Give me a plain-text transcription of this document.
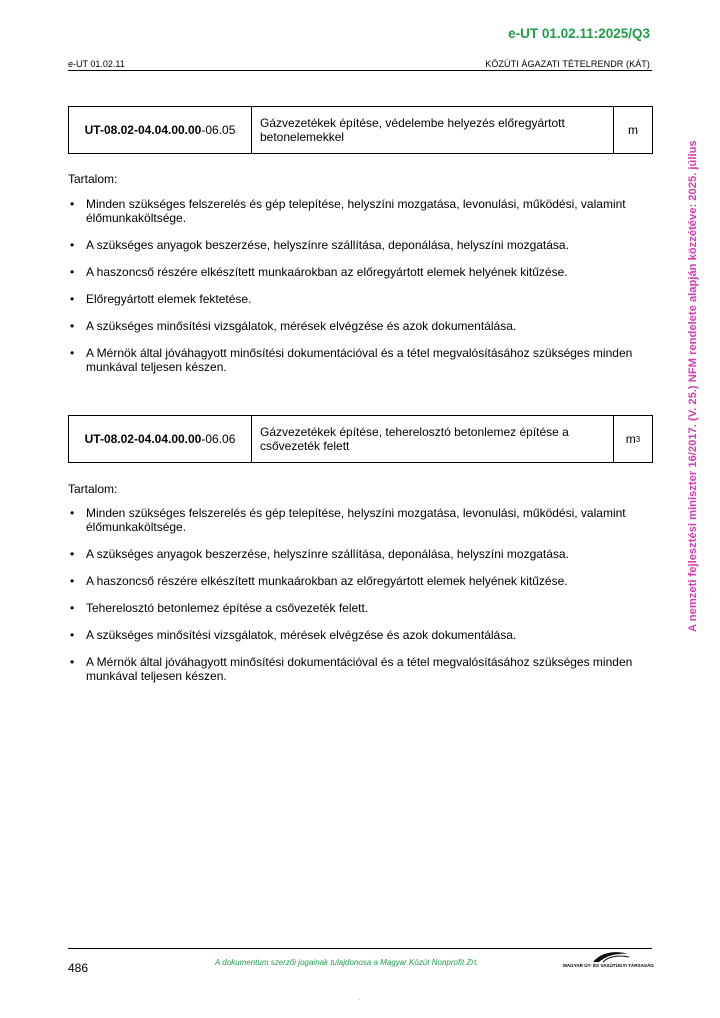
e-UT 01.02.11:2025/Q3
e-UT 01.02.11	KÖZÚTI ÁGAZATI TÉTELRENDR (KÁT)
UT-08.02-04.04.00.00 -06.05	Gázvezetékek építése, védelembe helyezés előregyártott betonelemekkel	m
Tartalom:
• Minden szükséges felszerelés és gép telepítése, helyszíni mozgatása, levonulási, működési, valamint élőmunkaköltsége.
• A szükséges anyagok beszerzése, helyszínre szállítása, deponálása, helyszíni mozgatása.
• A haszoncső részére elkészített munkaárokban az előregyártott elemek helyének kitűzése.
• Előregyártott elemek fektetése.
• A szükséges minősítési vizsgálatok, mérések elvégzése és azok dokumentálása.
• A Mérnök által jóváhagyott minősítési dokumentációval és a tétel megvalósításához szükséges minden munkával teljesen készen.
UT-08.02-04.04.00.00 -06.06	Gázvezetékek építése, teherelosztó betonlemez építése a csővezeték felett	m 3
Tartalom:
• Minden szükséges felszerelés és gép telepítése, helyszíni mozgatása, levonulási, működési, valamint élőmunkaköltsége.
• A szükséges anyagok beszerzése, helyszínre szállítása, deponálása, helyszíni mozgatása.
• A haszoncső részére elkészített munkaárokban az előregyártott elemek helyének kitűzése.
• Teherelosztó betonlemez építése a csővezeték felett.
• A szükséges minősítési vizsgálatok, mérések elvégzése és azok dokumentálása.
• A Mérnök által jóváhagyott minősítési dokumentációval és a tétel megvalósításához szükséges minden munkával teljesen készen.
A nemzeti fejlesztési miniszter 16/2017. (V. 25.) NFM rendelete alapján közzétéve: 2025. július
486	A dokumentum szerzői jogainak tulajdonosa a Magyar Közút Nonprofit Zrt.	MAGYAR ÚT- ÉS VASÚTÜGYI TÁRSASÁG
.
